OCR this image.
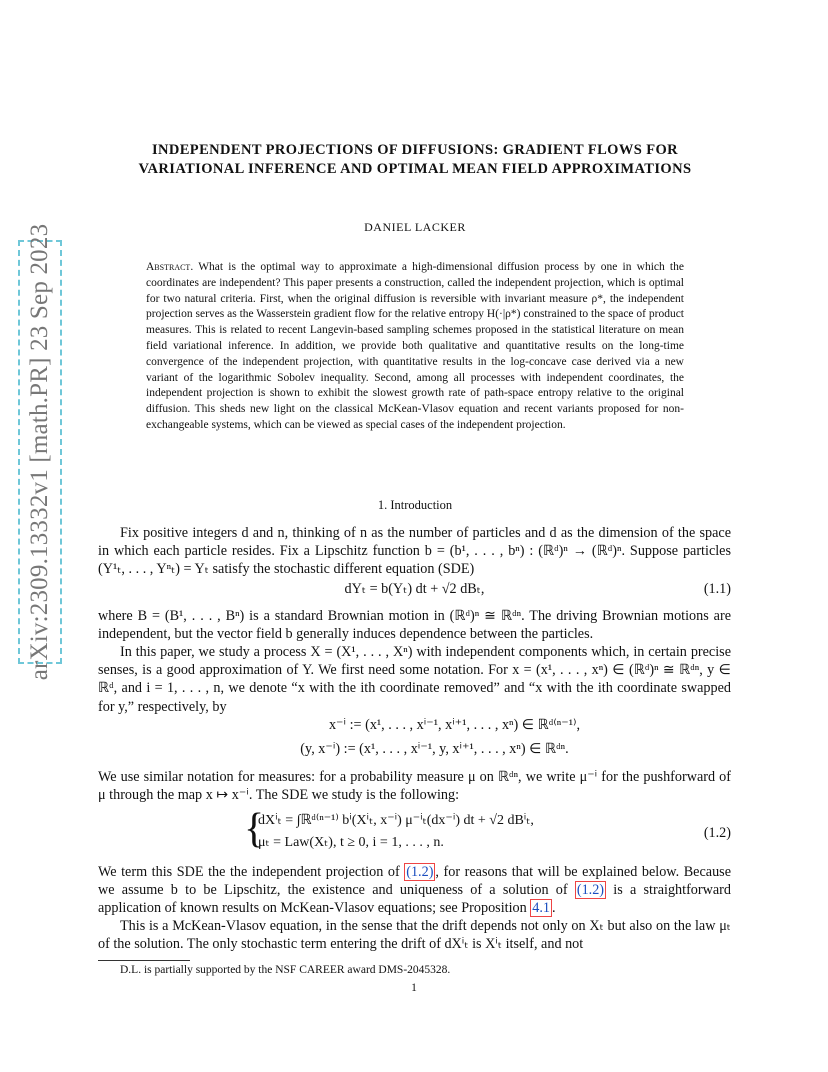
arXiv:2309.13332v1 [math.PR] 23 Sep 2023
INDEPENDENT PROJECTIONS OF DIFFUSIONS: GRADIENT FLOWS FOR VARIATIONAL INFERENCE AND OPTIMAL MEAN FIELD APPROXIMATIONS
DANIEL LACKER
Abstract. What is the optimal way to approximate a high-dimensional diffusion process by one in which the coordinates are independent? This paper presents a construction, called the independent projection, which is optimal for two natural criteria. First, when the original diffusion is reversible with invariant measure ρ*, the independent projection serves as the Wasserstein gradient flow for the relative entropy H(·|ρ*) constrained to the space of product measures. This is related to recent Langevin-based sampling schemes proposed in the statistical literature on mean field variational inference. In addition, we provide both qualitative and quantitative results on the long-time convergence of the independent projection, with quantitative results in the log-concave case derived via a new variant of the logarithmic Sobolev inequality. Second, among all processes with independent coordinates, the independent projection is shown to exhibit the slowest growth rate of path-space entropy relative to the original diffusion. This sheds new light on the classical McKean-Vlasov equation and recent variants proposed for non-exchangeable systems, which can be viewed as special cases of the independent projection.
1. Introduction
Fix positive integers d and n, thinking of n as the number of particles and d as the dimension of the space in which each particle resides. Fix a Lipschitz function b = (b¹, . . . , bⁿ) : (ℝᵈ)ⁿ → (ℝᵈ)ⁿ. Suppose particles (Y¹ₜ, . . . , Yⁿₜ) = Yₜ satisfy the stochastic different equation (SDE)
dYₜ = b(Yₜ) dt + √2 dBₜ,	(1.1)
where B = (B¹, . . . , Bⁿ) is a standard Brownian motion in (ℝᵈ)ⁿ ≅ ℝᵈⁿ. The driving Brownian motions are independent, but the vector field b generally induces dependence between the particles.
In this paper, we study a process X = (X¹, . . . , Xⁿ) with independent components which, in certain precise senses, is a good approximation of Y. We first need some notation. For x = (x¹, . . . , xⁿ) ∈ (ℝᵈ)ⁿ ≅ ℝᵈⁿ, y ∈ ℝᵈ, and i = 1, . . . , n, we denote “x with the ith coordinate removed” and “x with the ith coordinate swapped for y,” respectively, by
x⁻ⁱ := (x¹, . . . , xⁱ⁻¹, xⁱ⁺¹, . . . , xⁿ) ∈ ℝᵈ⁽ⁿ⁻¹⁾,
(y, x⁻ⁱ) := (x¹, . . . , xⁱ⁻¹, y, xⁱ⁺¹, . . . , xⁿ) ∈ ℝᵈⁿ.
We use similar notation for measures: for a probability measure μ on ℝᵈⁿ, we write μ⁻ⁱ for the pushforward of μ through the map x ↦ x⁻ⁱ. The SDE we study is the following:
{
dXⁱₜ = ∫ℝᵈ⁽ⁿ⁻¹⁾ bⁱ(Xⁱₜ, x⁻ⁱ) μ⁻ⁱₜ(dx⁻ⁱ) dt + √2 dBⁱₜ,
μₜ = Law(Xₜ), t ≥ 0, i = 1, . . . , n.
(1.2)
We term this SDE the the independent projection of (1.2) , for reasons that will be explained below. Because we assume b to be Lipschitz, the existence and uniqueness of a solution of (1.2) is a straightforward application of known results on McKean-Vlasov equations; see Proposition 4.1 .
This is a McKean-Vlasov equation, in the sense that the drift depends not only on Xₜ but also on the law μₜ of the solution. The only stochastic term entering the drift of dXⁱₜ is Xⁱₜ itself, and not
D.L. is partially supported by the NSF CAREER award DMS-2045328.
1
